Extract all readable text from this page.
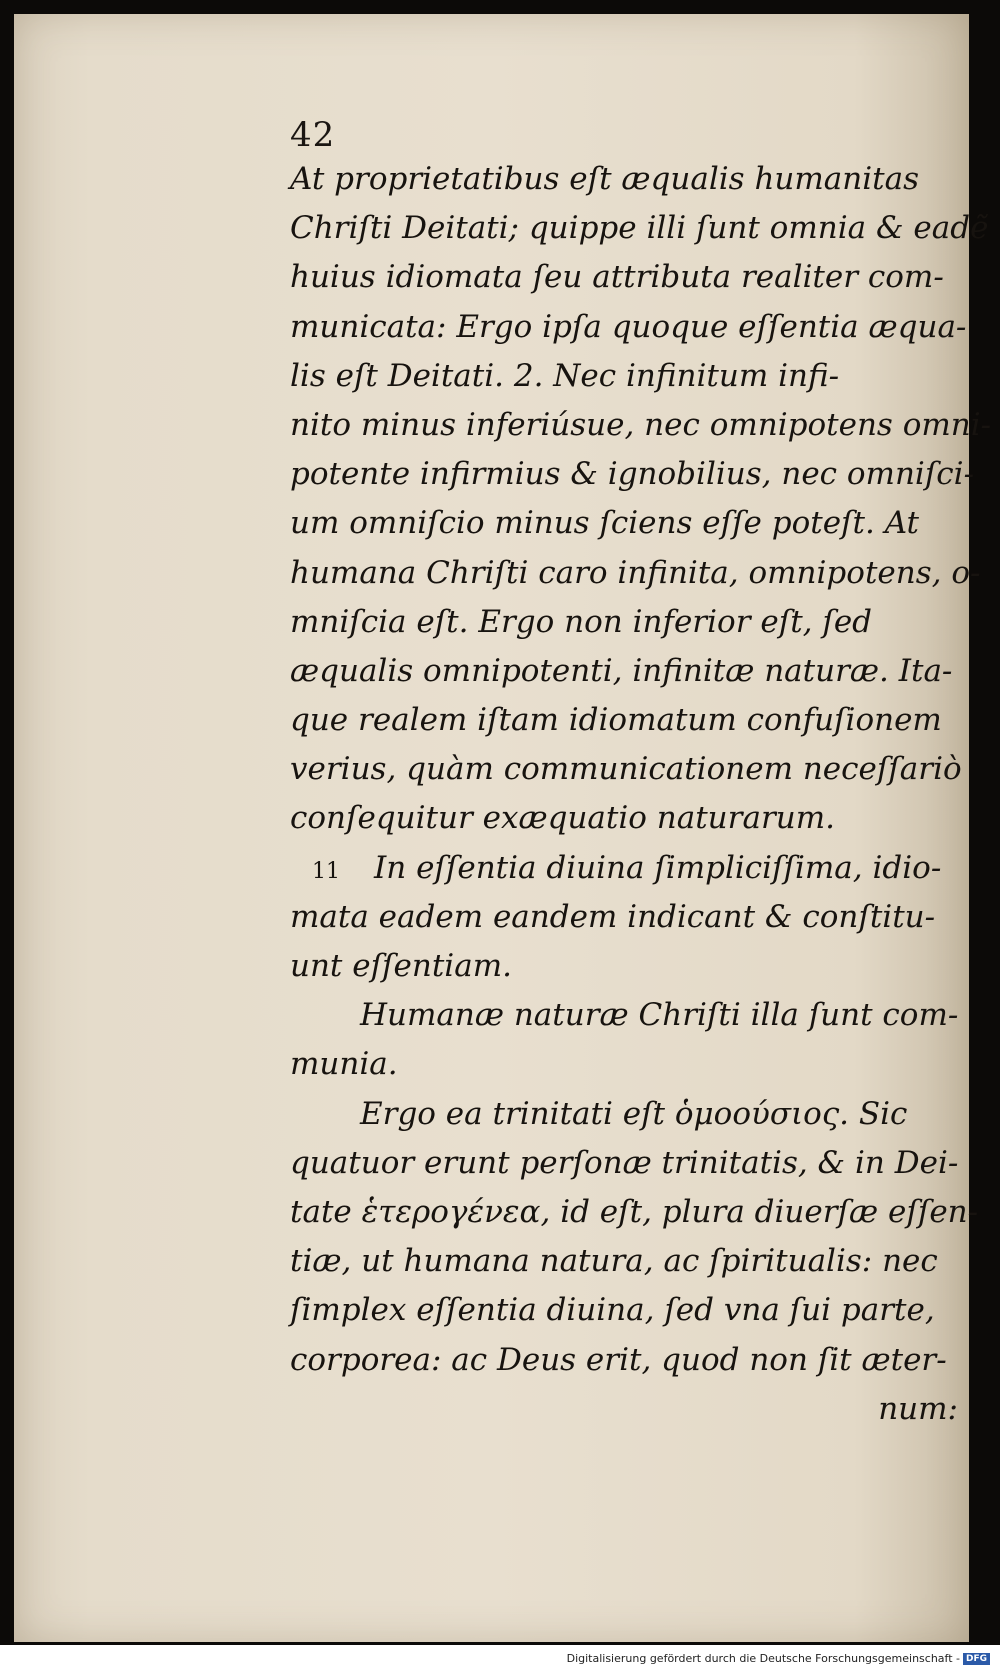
42
At proprietatibus eſt æqualis humanitas
Chriſti Deitati; quippe illi ſunt omnia & eadẽ
huius idiomata ſeu attributa realiter com-
municata: Ergo ipſa quoque eſſentia æqua-
lis eſt Deitati. 2. Nec infinitum infi-
nito minus inferiúsue, nec omnipotens omni-
potente infirmius & ignobilius, nec omniſci-
um omniſcio minus ſciens eſſe poteſt. At
humana Chriſti caro infinita, omnipotens, o-
mniſcia eſt. Ergo non inferior eſt, ſed
æqualis omnipotenti, infinitæ naturæ. Ita-
que realem iſtam idiomatum confuſionem
verius, quàm communicationem neceſſariò
conſequitur exæquatio naturarum.
11 In eſſentia diuina ſimpliciſſima, idio-
mata eadem eandem indicant & conſtitu-
unt eſſentiam.
Humanæ naturæ Chriſti illa ſunt com-
munia.
Ergo ea trinitati eſt ὁμοούσιος. Sic
quatuor erunt perſonæ trinitatis, & in Dei-
tate ἑτερογένεα, id eſt, plura diuerſæ eſſen-
tiæ, ut humana natura, ac ſpiritualis: nec
ſimplex eſſentia diuina, ſed vna ſui parte,
corporea: ac Deus erit, quod non ſit æter-
num:
Digitalisierung gefördert durch die Deutsche Forschungsgemeinschaft - DFG
